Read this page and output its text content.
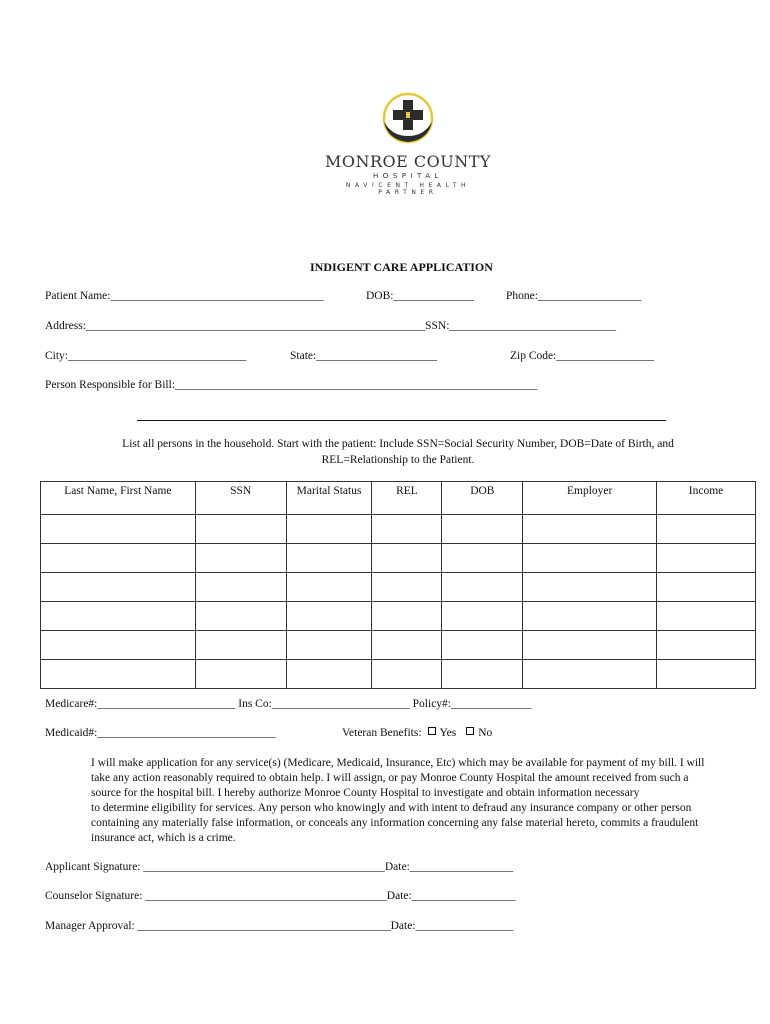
MONROE COUNTY
HOSPITAL
NAVICENT HEALTH PARTNER
INDIGENT CARE APPLICATION
Patient Name:_____________________________________	DOB:______________	Phone:__________________
Address:___________________________________________________________SSN:_____________________________
City:_______________________________	State:_____________________	Zip Code:_________________
Person Responsible for Bill:_______________________________________________________________
List all persons in the household. Start with the patient: Include SSN=Social Security Number, DOB=Date of Birth, and
REL=Relationship to the Patient.
Last Name, First Name	SSN	Marital Status	REL	DOB	Employer	Income

Medicare#:________________________ Ins Co:________________________ Policy#:______________
Medicaid#:_______________________________	Veteran Benefits: Yes No
I will make application for any service(s) (Medicare, Medicaid, Insurance, Etc) which may be available for payment of my bill. I will take any action reasonably required to obtain help. I will assign, or pay Monroe County Hospital the amount received from such a source for the hospital bill. I hereby authorize Monroe County Hospital to investigate and obtain information necessary
to determine eligibility for services. Any person who knowingly and with intent to defraud any insurance company or other person containing any materially false information, or conceals any information concerning any false material hereto, commits a fraudulent insurance act, which is a crime.
Applicant Signature: __________________________________________Date:__________________
Counselor Signature: __________________________________________Date:__________________
Manager Approval: ____________________________________________Date:_________________
